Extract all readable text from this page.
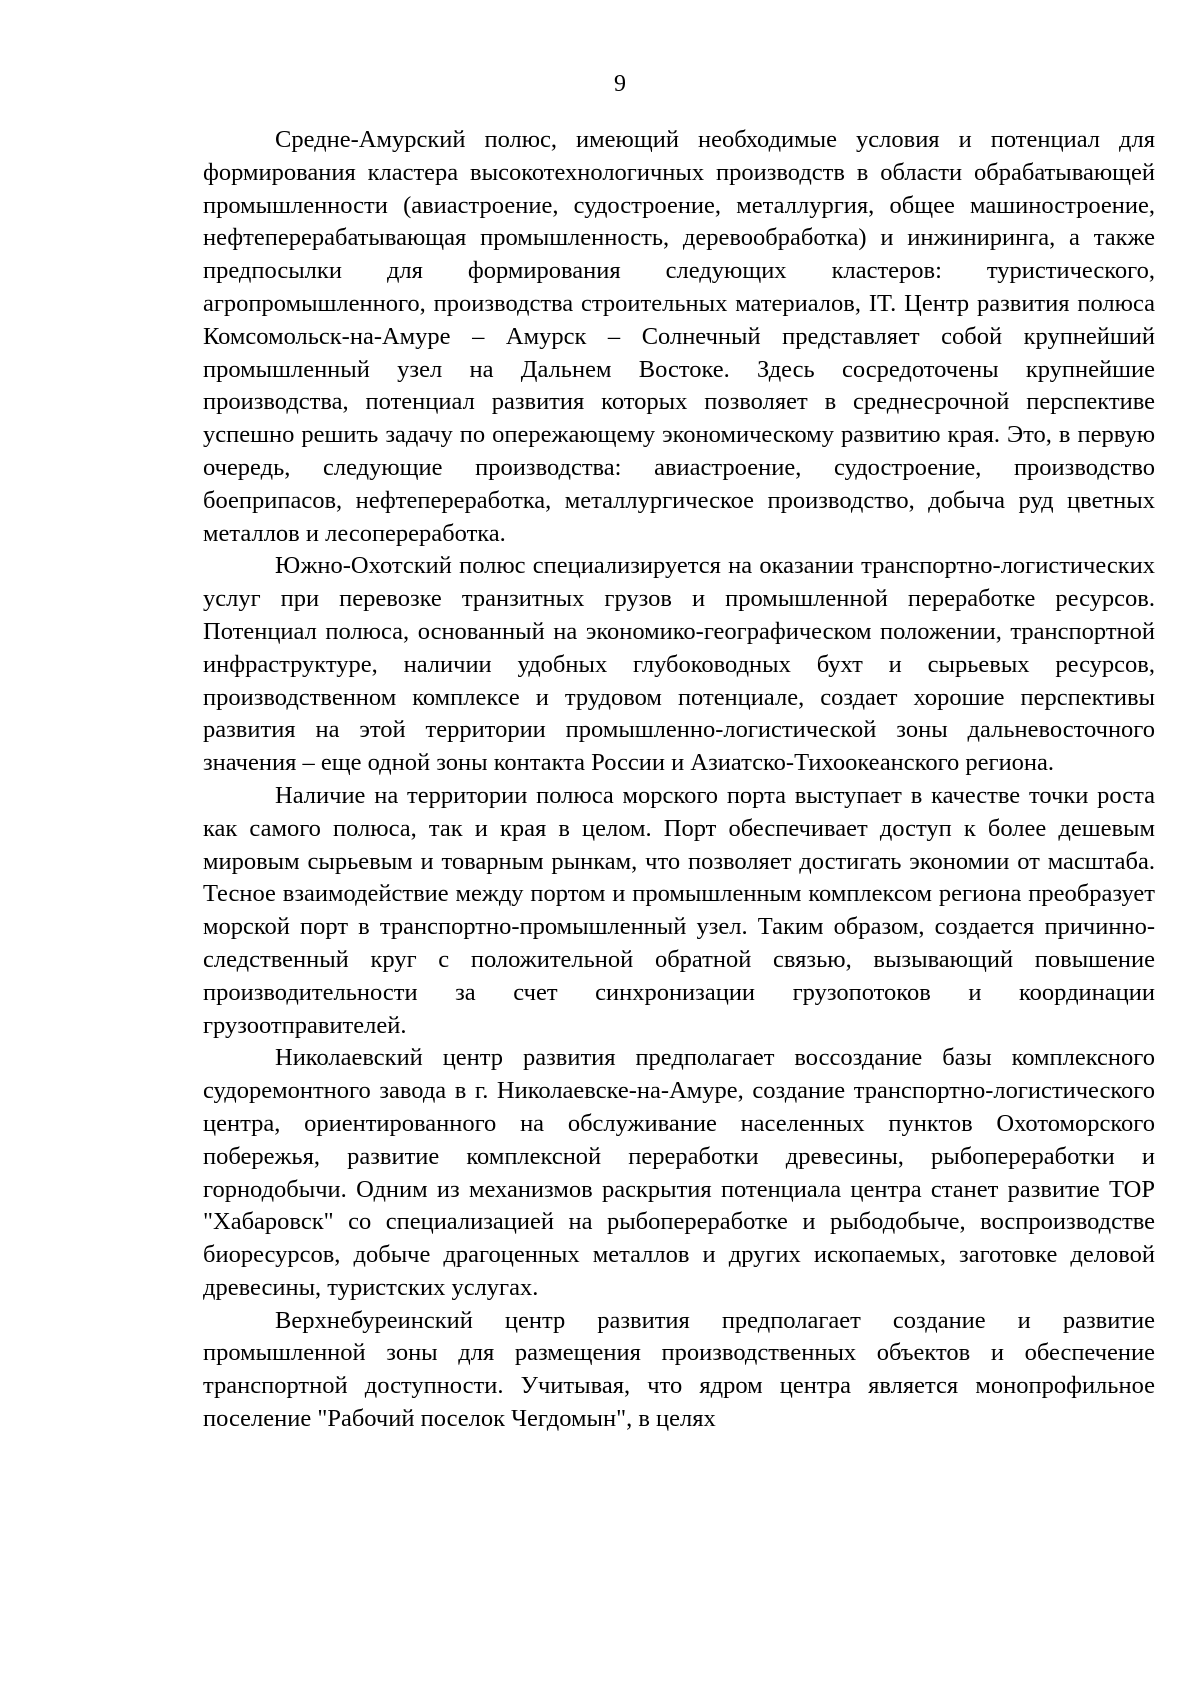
9

Средне-Амурский полюс, имеющий необходимые условия и потенциал для формирования кластера высокотехнологичных производств в области обрабатывающей промышленности (авиастроение, судостроение, металлургия, общее машиностроение, нефтеперерабатывающая промышленность, деревообработка) и инжиниринга, а также предпосылки для формирования следующих кластеров: туристического, агропромышленного, производства строительных материалов, IT. Центр развития полюса Комсомольск-на-Амуре – Амурск – Солнечный представляет собой крупнейший промышленный узел на Дальнем Востоке. Здесь сосредоточены крупнейшие производства, потенциал развития которых позволяет в среднесрочной перспективе успешно решить задачу по опережающему экономическому развитию края. Это, в первую очередь, следующие производства: авиастроение, судостроение, производство боеприпасов, нефтепереработка, металлургическое производство, добыча руд цветных металлов и лесопереработка.

Южно-Охотский полюс специализируется на оказании транспортно-логистических услуг при перевозке транзитных грузов и промышленной переработке ресурсов. Потенциал полюса, основанный на экономико-географическом положении, транспортной инфраструктуре, наличии удобных глубоководных бухт и сырьевых ресурсов, производственном комплексе и трудовом потенциале, создает хорошие перспективы развития на этой территории промышленно-логистической зоны дальневосточного значения – еще одной зоны контакта России и Азиатско-Тихоокеанского региона.

Наличие на территории полюса морского порта выступает в качестве точки роста как самого полюса, так и края в целом. Порт обеспечивает доступ к более дешевым мировым сырьевым и товарным рынкам, что позволяет достигать экономии от масштаба. Тесное взаимодействие между портом и промышленным комплексом региона преобразует морской порт в транспортно-промышленный узел. Таким образом, создается причинно-следственный круг с положительной обратной связью, вызывающий повышение производительности за счет синхронизации грузопотоков и координации грузоотправителей.

Николаевский центр развития предполагает воссоздание базы комплексного судоремонтного завода в г. Николаевске-на-Амуре, создание транспортно-логистического центра, ориентированного на обслуживание населенных пунктов Охотоморского побережья, развитие комплексной переработки древесины, рыбопереработки и горнодобычи. Одним из механизмов раскрытия потенциала центра станет развитие ТОР "Хабаровск" со специализацией на рыбопереработке и рыбодобыче, воспроизводстве биоресурсов, добыче драгоценных металлов и других ископаемых, заготовке деловой древесины, туристских услугах.

Верхнебуреинский центр развития предполагает создание и развитие промышленной зоны для размещения производственных объектов и обеспечение транспортной доступности. Учитывая, что ядром центра является монопрофильное поселение "Рабочий поселок Чегдомын", в целях
